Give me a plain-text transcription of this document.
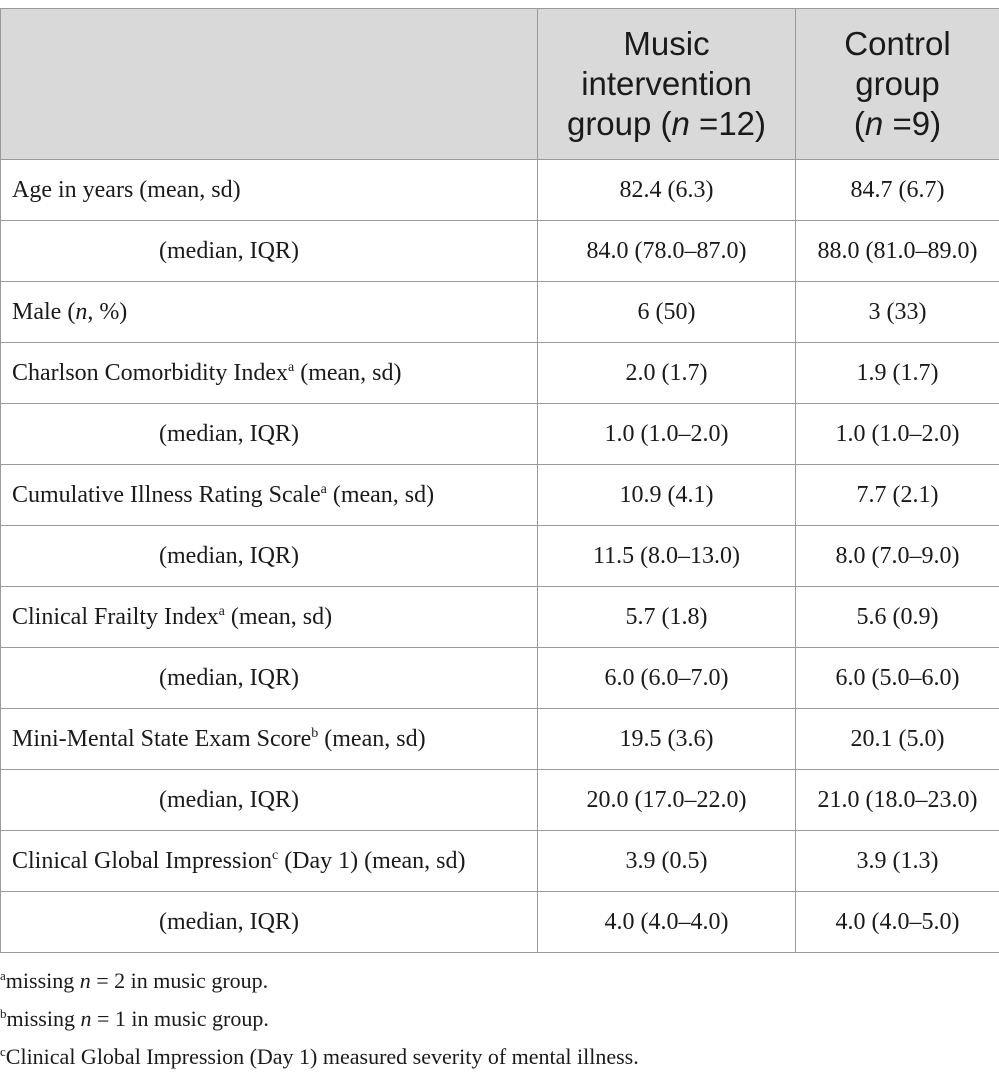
	Music
intervention
group (n =12)	Control
group
(n =9)
Age in years (mean, sd)	82.4 (6.3)	84.7 (6.7)
(median, IQR)	84.0 (78.0–87.0)	88.0 (81.0–89.0)
Male (n, %)	6 (50)	3 (33)
Charlson Comorbidity Index$^a$ (mean, sd)	2.0 (1.7)	1.9 (1.7)
(median, IQR)	1.0 (1.0–2.0)	1.0 (1.0–2.0)
Cumulative Illness Rating Scale$^a$ (mean, sd)	10.9 (4.1)	7.7 (2.1)
(median, IQR)	11.5 (8.0–13.0)	8.0 (7.0–9.0)
Clinical Frailty Index$^a$ (mean, sd)	5.7 (1.8)	5.6 (0.9)
(median, IQR)	6.0 (6.0–7.0)	6.0 (5.0–6.0)
Mini-Mental State Exam Score$^b$ (mean, sd)	19.5 (3.6)	20.1 (5.0)
(median, IQR)	20.0 (17.0–22.0)	21.0 (18.0–23.0)
Clinical Global Impression$^c$ (Day 1) (mean, sd)	3.9 (0.5)	3.9 (1.3)
(median, IQR)	4.0 (4.0–4.0)	4.0 (4.0–5.0)
$^a$missing n = 2 in music group.
$^b$missing n = 1 in music group.
$^c$Clinical Global Impression (Day 1) measured severity of mental illness.
